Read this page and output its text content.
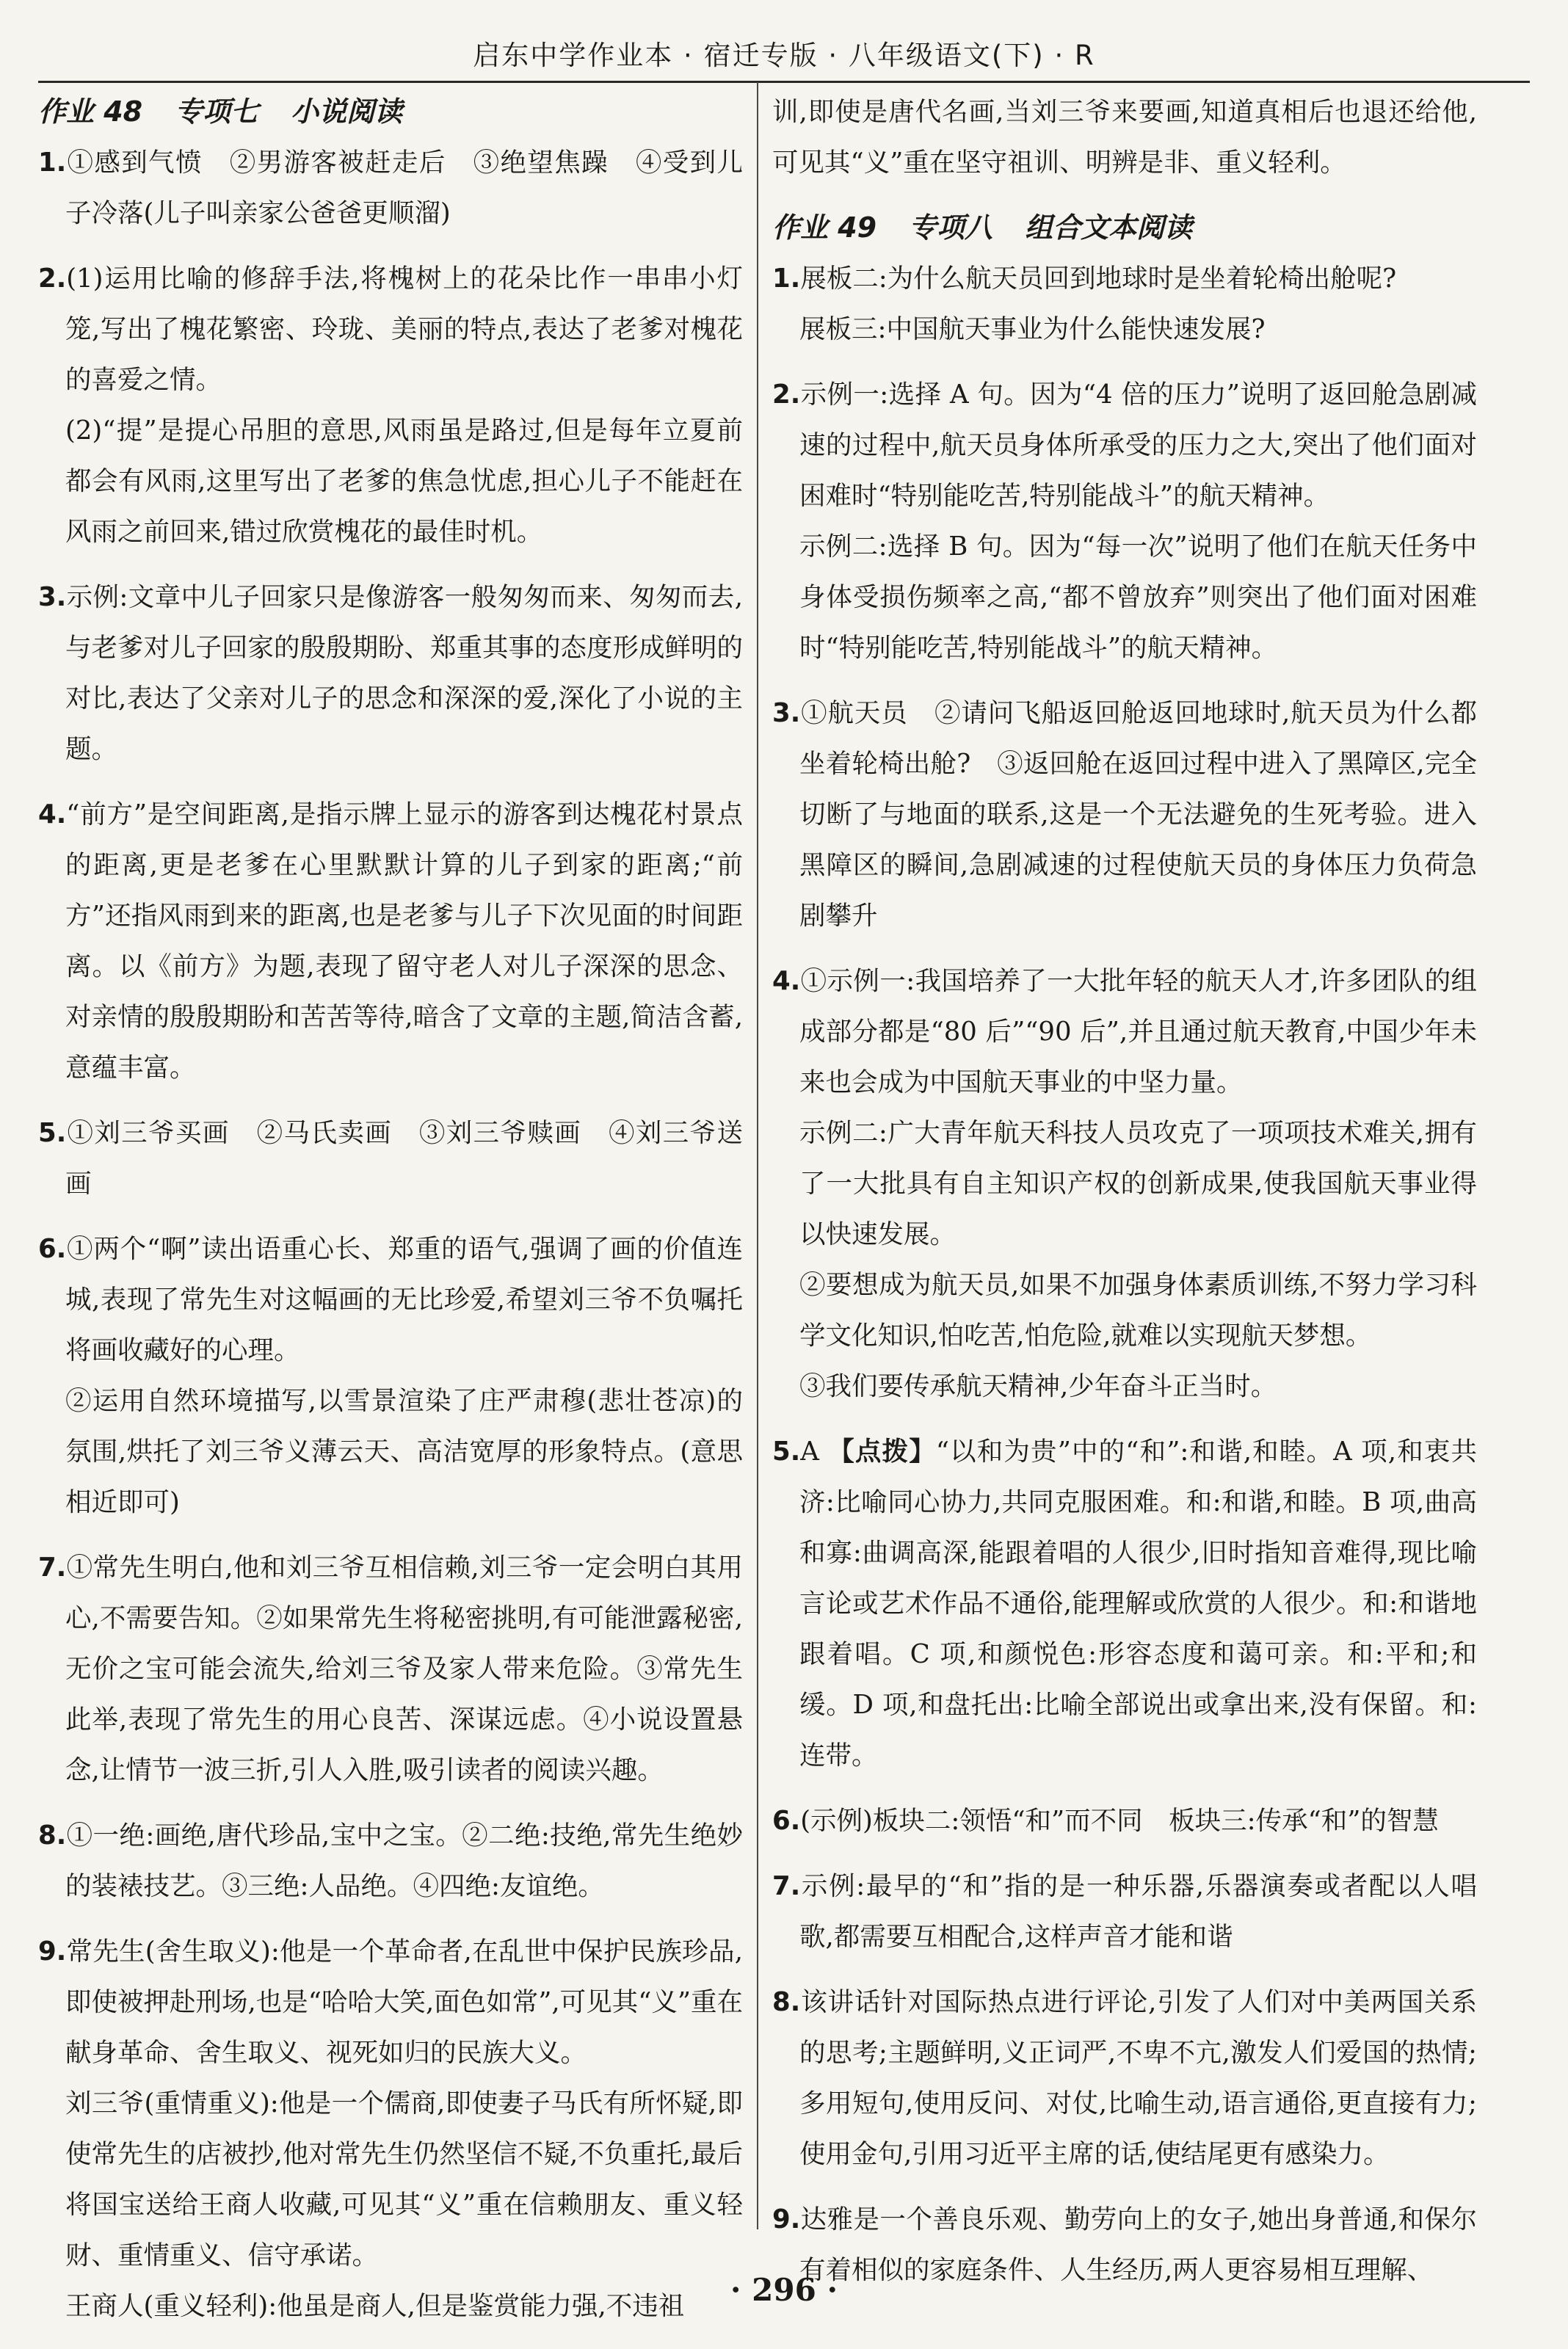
启东中学作业本 · 宿迁专版 · 八年级语文(下) · R
作业 48 专项七 小说阅读
1.①感到气愤　②男游客被赶走后　③绝望焦躁　④受到儿子冷落(儿子叫亲家公爸爸更顺溜)
2.(1)运用比喻的修辞手法,将槐树上的花朵比作一串串小灯笼,写出了槐花繁密、玲珑、美丽的特点,表达了老爹对槐花的喜爱之情。
(2)“提”是提心吊胆的意思,风雨虽是路过,但是每年立夏前都会有风雨,这里写出了老爹的焦急忧虑,担心儿子不能赶在风雨之前回来,错过欣赏槐花的最佳时机。
3.示例:文章中儿子回家只是像游客一般匆匆而来、匆匆而去,与老爹对儿子回家的殷殷期盼、郑重其事的态度形成鲜明的对比,表达了父亲对儿子的思念和深深的爱,深化了小说的主题。
4.“前方”是空间距离,是指示牌上显示的游客到达槐花村景点的距离,更是老爹在心里默默计算的儿子到家的距离;“前方”还指风雨到来的距离,也是老爹与儿子下次见面的时间距离。以《前方》为题,表现了留守老人对儿子深深的思念、对亲情的殷殷期盼和苦苦等待,暗含了文章的主题,简洁含蓄,意蕴丰富。
5.①刘三爷买画　②马氏卖画　③刘三爷赎画　④刘三爷送画
6.①两个“啊”读出语重心长、郑重的语气,强调了画的价值连城,表现了常先生对这幅画的无比珍爱,希望刘三爷不负嘱托将画收藏好的心理。
②运用自然环境描写,以雪景渲染了庄严肃穆(悲壮苍凉)的氛围,烘托了刘三爷义薄云天、高洁宽厚的形象特点。(意思相近即可)
7.①常先生明白,他和刘三爷互相信赖,刘三爷一定会明白其用心,不需要告知。②如果常先生将秘密挑明,有可能泄露秘密,无价之宝可能会流失,给刘三爷及家人带来危险。③常先生此举,表现了常先生的用心良苦、深谋远虑。④小说设置悬念,让情节一波三折,引人入胜,吸引读者的阅读兴趣。
8.①一绝:画绝,唐代珍品,宝中之宝。②二绝:技绝,常先生绝妙的装裱技艺。③三绝:人品绝。④四绝:友谊绝。
9.常先生(舍生取义):他是一个革命者,在乱世中保护民族珍品,即使被押赴刑场,也是“哈哈大笑,面色如常”,可见其“义”重在献身革命、舍生取义、视死如归的民族大义。
刘三爷(重情重义):他是一个儒商,即使妻子马氏有所怀疑,即使常先生的店被抄,他对常先生仍然坚信不疑,不负重托,最后将国宝送给王商人收藏,可见其“义”重在信赖朋友、重义轻财、重情重义、信守承诺。
王商人(重义轻利):他虽是商人,但是鉴赏能力强,不违祖
训,即使是唐代名画,当刘三爷来要画,知道真相后也退还给他,可见其“义”重在坚守祖训、明辨是非、重义轻利。
作业 49 专项八 组合文本阅读
1.展板二:为什么航天员回到地球时是坐着轮椅出舱呢?
展板三:中国航天事业为什么能快速发展?
2.示例一:选择 A 句。因为“4 倍的压力”说明了返回舱急剧减速的过程中,航天员身体所承受的压力之大,突出了他们面对困难时“特别能吃苦,特别能战斗”的航天精神。
示例二:选择 B 句。因为“每一次”说明了他们在航天任务中身体受损伤频率之高,“都不曾放弃”则突出了他们面对困难时“特别能吃苦,特别能战斗”的航天精神。
3.①航天员　②请问飞船返回舱返回地球时,航天员为什么都坐着轮椅出舱?　③返回舱在返回过程中进入了黑障区,完全切断了与地面的联系,这是一个无法避免的生死考验。进入黑障区的瞬间,急剧减速的过程使航天员的身体压力负荷急剧攀升
4.①示例一:我国培养了一大批年轻的航天人才,许多团队的组成部分都是“80 后”“90 后”,并且通过航天教育,中国少年未来也会成为中国航天事业的中坚力量。
示例二:广大青年航天科技人员攻克了一项项技术难关,拥有了一大批具有自主知识产权的创新成果,使我国航天事业得以快速发展。
②要想成为航天员,如果不加强身体素质训练,不努力学习科学文化知识,怕吃苦,怕危险,就难以实现航天梦想。
③我们要传承航天精神,少年奋斗正当时。
5.A 【点拨】“以和为贵”中的“和”:和谐,和睦。A 项,和衷共济:比喻同心协力,共同克服困难。和:和谐,和睦。B 项,曲高和寡:曲调高深,能跟着唱的人很少,旧时指知音难得,现比喻言论或艺术作品不通俗,能理解或欣赏的人很少。和:和谐地跟着唱。C 项,和颜悦色:形容态度和蔼可亲。和:平和;和缓。D 项,和盘托出:比喻全部说出或拿出来,没有保留。和:连带。
6.(示例)板块二:领悟“和”而不同　板块三:传承“和”的智慧
7.示例:最早的“和”指的是一种乐器,乐器演奏或者配以人唱歌,都需要互相配合,这样声音才能和谐
8.该讲话针对国际热点进行评论,引发了人们对中美两国关系的思考;主题鲜明,义正词严,不卑不亢,激发人们爱国的热情;多用短句,使用反问、对仗,比喻生动,语言通俗,更直接有力;使用金句,引用习近平主席的话,使结尾更有感染力。
9.达雅是一个善良乐观、勤劳向上的女子,她出身普通,和保尔有着相似的家庭条件、人生经历,两人更容易相互理解、
· 296 ·
